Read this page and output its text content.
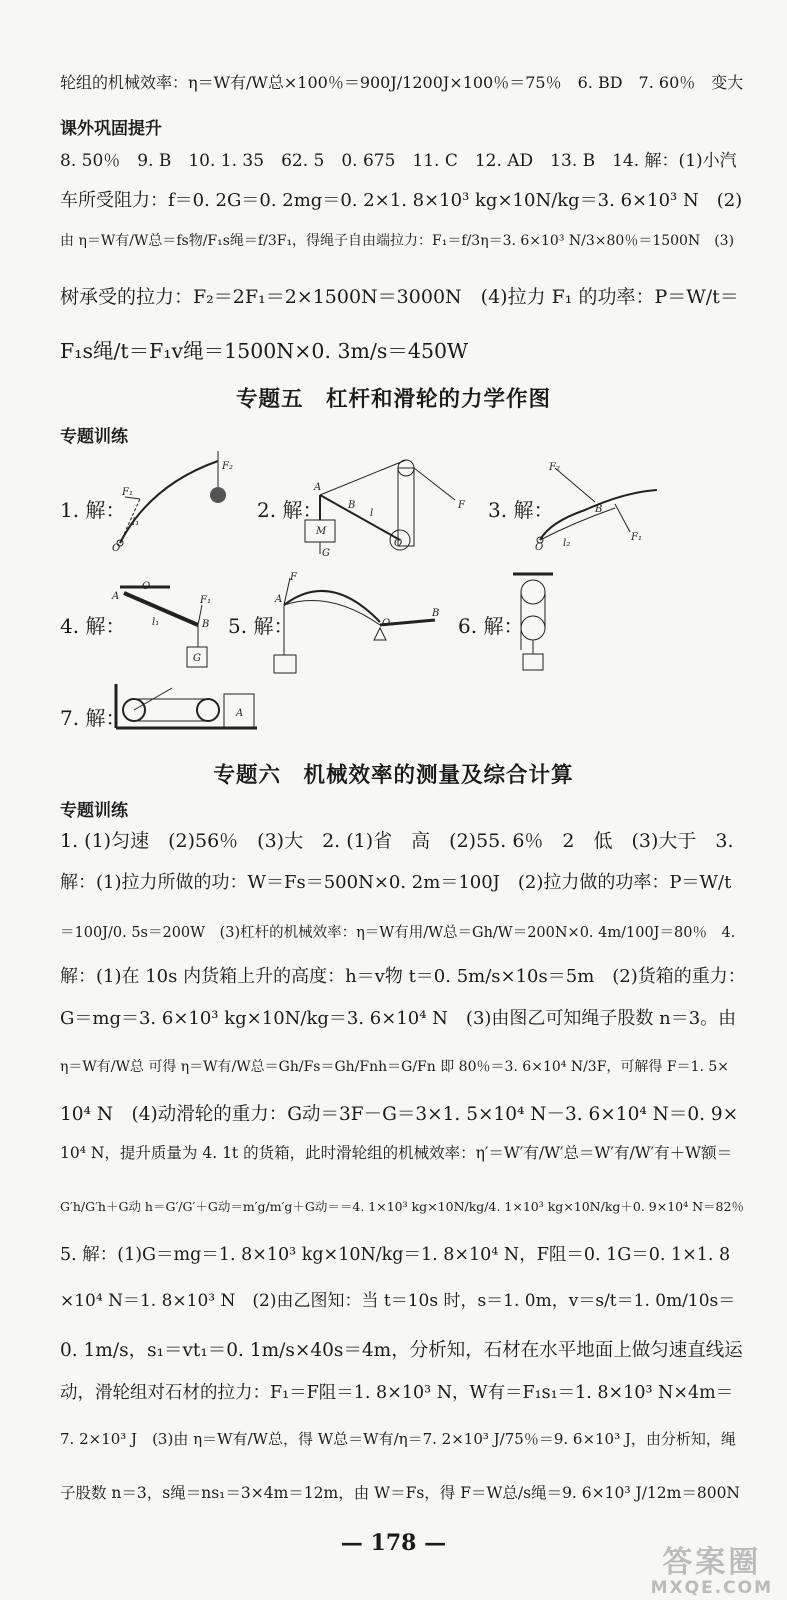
轮组的机械效率：η＝W有/W总×100％＝900J/1200J×100％＝75％　6. BD　7. 60％　变大
课外巩固提升
8. 50％　9. B　10. 1. 35　62. 5　0. 675　11. C　12. AD　13. B　14. 解：(1)小汽
车所受阻力：f＝0. 2G＝0. 2mg＝0. 2×1. 8×10³ kg×10N/kg＝3. 6×10³ N　(2)
由 η＝W有/W总＝fs物/F₁s绳＝f/3F₁，得绳子自由端拉力：F₁＝f/3η＝3. 6×10³ N/3×80％＝1500N　(3)
树承受的拉力：F₂＝2F₁＝2×1500N＝3000N　(4)拉力 F₁ 的功率：P＝W/t＝
F₁s绳/t＝F₁v绳＝1500N×0. 3m/s＝450W
专题五　杠杆和滑轮的力学作图
专题训练
1. 解：
O
F₁
F₂
l₁
2. 解：
A
B
M
G
F
l
O
3. 解：
F₂
B
F₁
O l₂
4. 解：
A
O
F₁
B
l₁
G
5. 解：
F
A
O
B
6. 解：
7. 解：	A
专题六　机械效率的测量及综合计算
专题训练
1. (1)匀速　(2)56％　(3)大　2. (1)省　高　(2)55. 6％　2　低　(3)大于　3.
解：(1)拉力所做的功：W＝Fs＝500N×0. 2m＝100J　(2)拉力做的功率：P＝W/t
＝100J/0. 5s＝200W　(3)杠杆的机械效率：η＝W有用/W总＝Gh/W＝200N×0. 4m/100J＝80％　4.
解：(1)在 10s 内货箱上升的高度：h＝v物 t＝0. 5m/s×10s＝5m　(2)货箱的重力：
G＝mg＝3. 6×10³ kg×10N/kg＝3. 6×10⁴ N　(3)由图乙可知绳子股数 n＝3。由
η＝W有/W总 可得 η＝W有/W总＝Gh/Fs＝Gh/Fnh＝G/Fn 即 80％＝3. 6×10⁴ N/3F，可解得 F＝1. 5×
10⁴ N　(4)动滑轮的重力：G动＝3F－G＝3×1. 5×10⁴ N－3. 6×10⁴ N＝0. 9×
10⁴ N，提升质量为 4. 1t 的货箱，此时滑轮组的机械效率：η′＝W′有/W′总＝W′有/W′有＋W额＝
G′h/G′h＋G动 h＝G′/G′＋G动＝m′g/m′g＋G动＝＝4. 1×10³ kg×10N/kg/4. 1×10³ kg×10N/kg＋0. 9×10⁴ N＝82％
5. 解：(1)G＝mg＝1. 8×10³ kg×10N/kg＝1. 8×10⁴ N，F阻＝0. 1G＝0. 1×1. 8
×10⁴ N＝1. 8×10³ N　(2)由乙图知：当 t＝10s 时，s＝1. 0m，v＝s/t＝1. 0m/10s＝
0. 1m/s，s₁＝vt₁＝0. 1m/s×40s＝4m，分析知，石材在水平地面上做匀速直线运
动，滑轮组对石材的拉力：F₁＝F阻＝1. 8×10³ N，W有＝F₁s₁＝1. 8×10³ N×4m＝
7. 2×10³ J　(3)由 η＝W有/W总，得 W总＝W有/η＝7. 2×10³ J/75％＝9. 6×10³ J，由分析知，绳
子股数 n＝3，s绳＝ns₁＝3×4m＝12m，由 W＝Fs，得 F＝W总/s绳＝9. 6×10³ J/12m＝800N
— 178 —
答案圈
MXQE.COM
